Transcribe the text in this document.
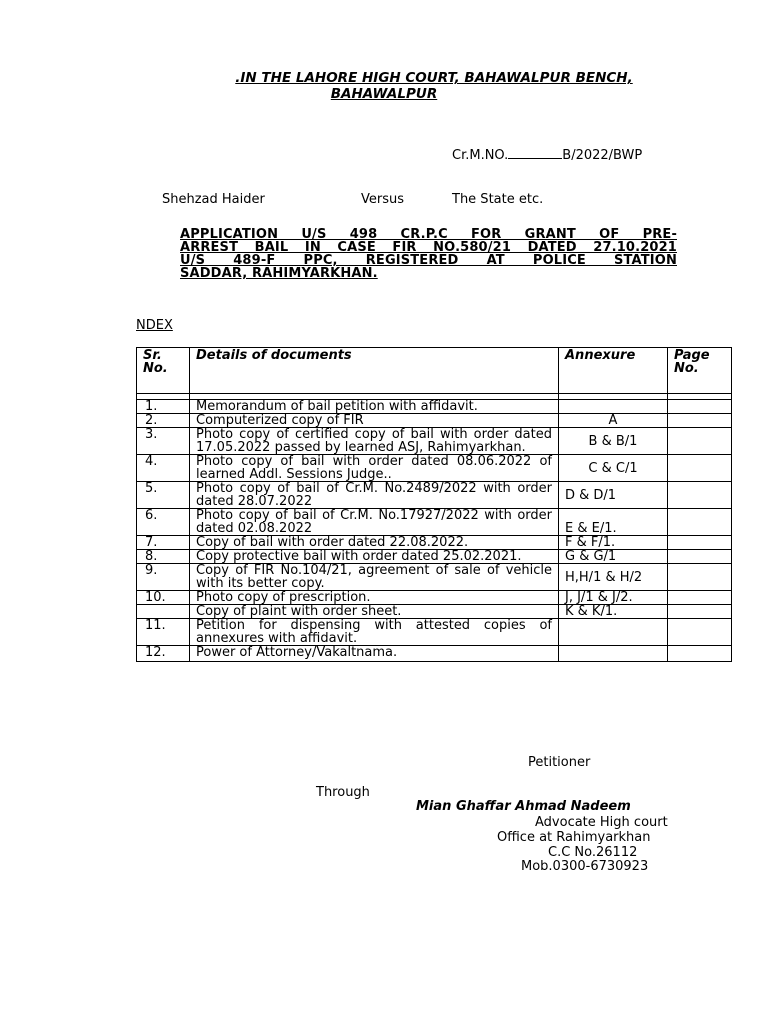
.IN THE LAHORE HIGH COURT, BAHAWALPUR BENCH,
BAHAWALPUR
Cr.M.NO.	B/2022/BWP
Shehzad Haider	Versus	The State etc.
APPLICATION U/S 498 CR.P.C FOR GRANT OF PRE-
ARREST BAIL IN CASE FIR NO.580/21 DATED 27.10.2021
U/S 489-F PPC, REGISTERED AT POLICE STATION
SADDAR, RAHIMYARKHAN.
NDEX
Sr. No.	Details of documents	Annexure	Page No.

1.	Memorandum of bail petition with affidavit.		
2.	Computerized copy of FIR	A	
3.	Photo copy of certified copy of bail with order dated 17.05.2022 passed by learned ASJ, Rahimyarkhan.	B & B/1	
4.	Photo copy of bail with order dated 08.06.2022 of learned Addl. Sessions Judge..	C & C/1	
5.	Photo copy of bail of Cr.M. No.2489/2022 with order dated 28.07.2022	D & D/1	
6.	Photo copy of bail of Cr.M. No.17927/2022 with order dated 02.08.2022	E & E/1.	
7.	Copy of bail with order dated 22.08.2022.	F & F/1.	
8.	Copy protective bail with order dated 25.02.2021.	G & G/1	
9.	Copy of FIR No.104/21, agreement of sale of vehicle with its better copy.	H,H/1 & H/2	
10.	Photo copy of prescription.	J, J/1 & J/2.	
	Copy of plaint with order sheet.	K & K/1.	
11.	Petition for dispensing with attested copies of annexures with affidavit.		
12.	Power of Attorney/Vakaltnama.		
Petitioner
Through
Mian Ghaffar Ahmad Nadeem
Advocate High court
Office at Rahimyarkhan
C.C No.26112
Mob.0300-6730923
